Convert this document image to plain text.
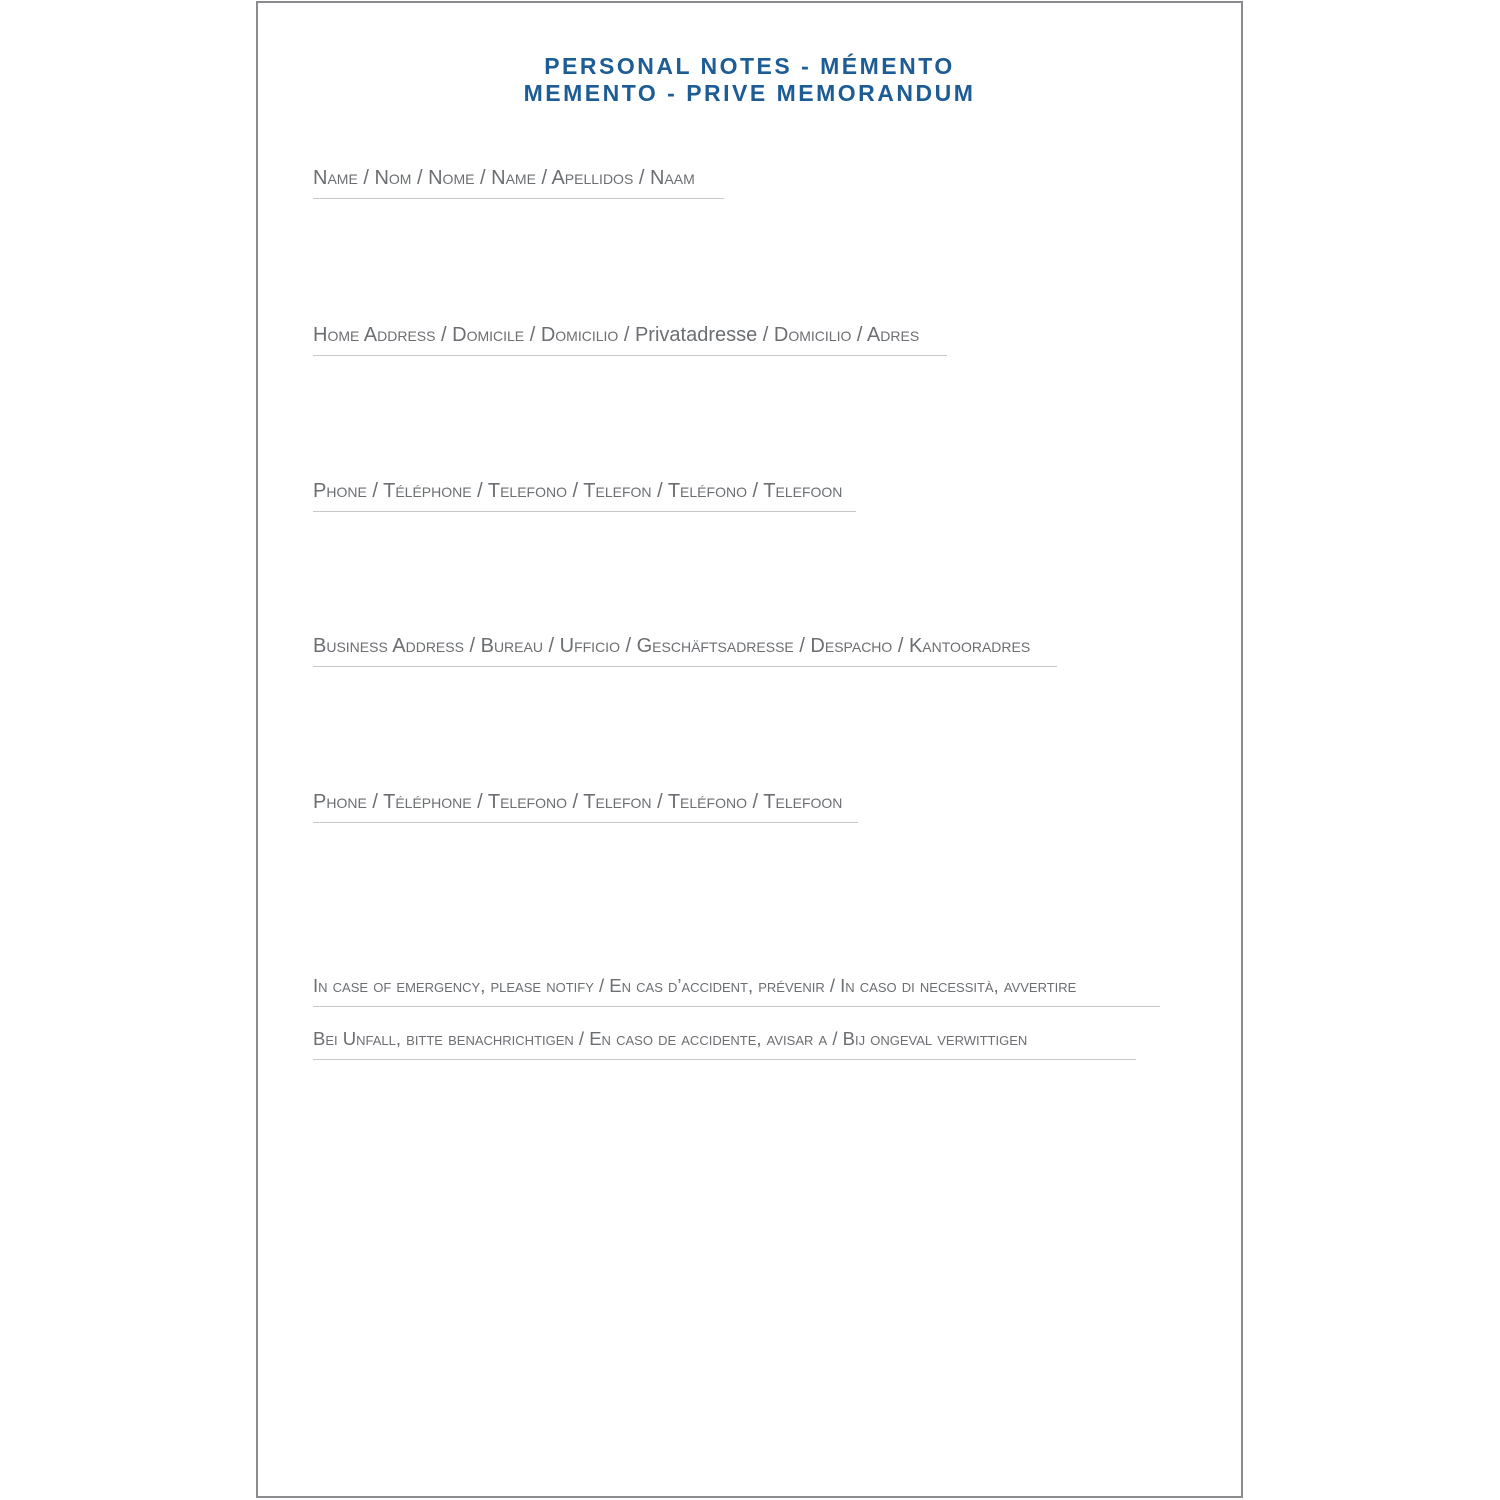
PERSONAL NOTES - MÉMENTO
MEMENTO - PRIVE MEMORANDUM
Name / Nom / Nome / Name / Apellidos / Naam
Home Address / Domicile / Domicilio / Privatadresse / Domicilio / Adres
Phone / Téléphone / Telefono / Telefon / Teléfono / Telefoon
Business Address / Bureau / Ufficio / Geschäftsadresse / Despacho / Kantooradres
Phone / Téléphone / Telefono / Telefon / Teléfono / Telefoon
In case of emergency, please notify / En cas d’accident, prévenir / In caso di necessità, avvertire
Bei Unfall, bitte benachrichtigen / En caso de accidente, avisar a / Bij ongeval verwittigen
